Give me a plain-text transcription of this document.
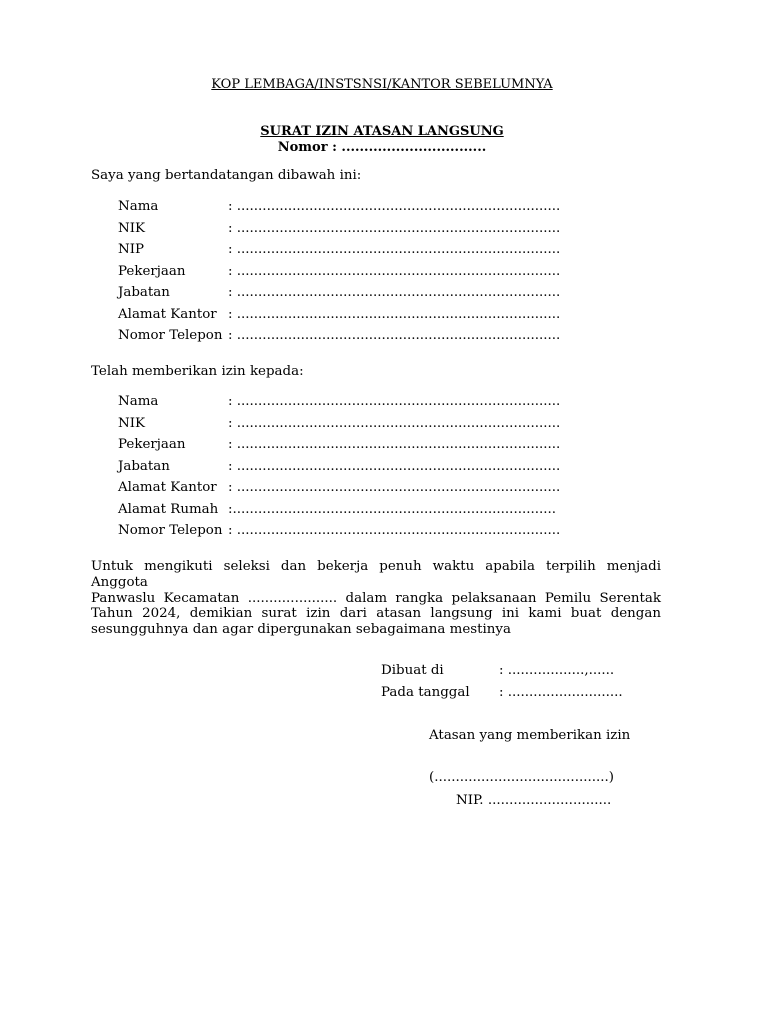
KOP LEMBAGA/INSTSNSI/KANTOR SEBELUMNYA
SURAT IZIN ATASAN LANGSUNG
Nomor : ................................
Saya yang bertandatangan dibawah ini:
Nama	: ............................................................................
NIK	: ............................................................................
NIP	: ............................................................................
Pekerjaan	: ............................................................................
Jabatan	: ............................................................................
Alamat Kantor : ............................................................................
Nomor Telepon : ............................................................................
Telah memberikan izin kepada:
Nama	: ............................................................................
NIK	: ............................................................................
Pekerjaan	: ............................................................................
Jabatan	: ............................................................................
Alamat Kantor : ............................................................................
Alamat Rumah :............................................................................
Nomor Telepon : ............................................................................
Untuk mengikuti seleksi dan bekerja penuh waktu apabila terpilih menjadi Anggota
Panwaslu Kecamatan ..................... dalam rangka pelaksanaan Pemilu Serentak
Tahun 2024, demikian surat izin dari atasan langsung ini kami buat dengan
sesungguhnya dan agar dipergunakan sebagaimana mestinya
Dibuat di	: ..................,......
Pada tanggal : ...........................
Atasan yang memberikan izin
(.........................................)
NIP. .............................
